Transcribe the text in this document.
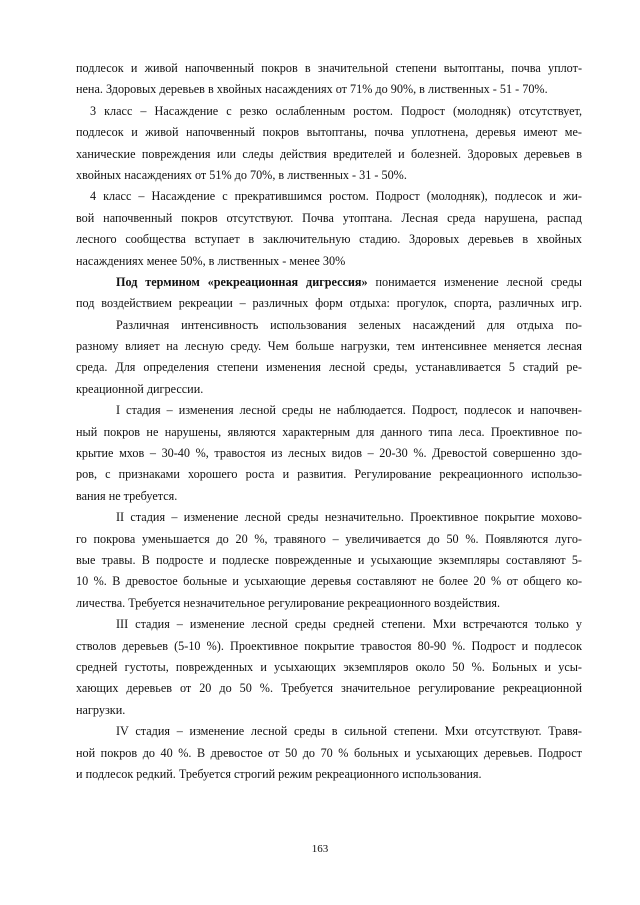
подлесок и живой напочвенный покров в значительной степени вытоптаны, почва уплот-
нена. Здоровых деревьев в хвойных насаждениях от 71% до 90%, в лиственных - 51 - 70%.
3 класс – Насаждение с резко ослабленным ростом. Подрост (молодняк) отсутствует,
подлесок и живой напочвенный покров вытоптаны, почва уплотнена, деревья имеют ме-
ханические повреждения или следы действия вредителей и болезней. Здоровых деревьев в
хвойных насаждениях от 51% до 70%, в лиственных - 31 - 50%.
4 класс – Насаждение с прекратившимся ростом. Подрост (молодняк), подлесок и жи-
вой напочвенный покров отсутствуют. Почва утоптана. Лесная среда нарушена, распад
лесного сообщества вступает в заключительную стадию. Здоровых деревьев в хвойных
насаждениях менее 50%, в лиственных - менее 30%
Под термином «рекреационная дигрессия» понимается изменение лесной среды
под воздействием рекреации – различных форм отдыха: прогулок, спорта, различных игр.
Различная интенсивность использования зеленых насаждений для отдыха по-
разному влияет на лесную среду. Чем больше нагрузки, тем интенсивнее меняется лесная
среда. Для определения степени изменения лесной среды, устанавливается 5 стадий ре-
креационной дигрессии.
I стадия – изменения лесной среды не наблюдается. Подрост, подлесок и напочвен-
ный покров не нарушены, являются характерным для данного типа леса. Проективное по-
крытие мхов – 30-40 %, травостоя из лесных видов – 20-30 %. Древостой совершенно здо-
ров, с признаками хорошего роста и развития. Регулирование рекреационного использо-
вания не требуется.
II стадия – изменение лесной среды незначительно. Проективное покрытие мохово-
го покрова уменьшается до 20 %, травяного – увеличивается до 50 %. Появляются луго-
вые травы. В подросте и подлеске поврежденные и усыхающие экземпляры составляют 5-
10 %. В древостое больные и усыхающие деревья составляют не более 20 % от общего ко-
личества. Требуется незначительное регулирование рекреационного воздействия.
III стадия – изменение лесной среды средней степени. Мхи встречаются только у
стволов деревьев (5-10 %). Проективное покрытие травостоя 80-90 %. Подрост и подлесок
средней густоты, поврежденных и усыхающих экземпляров около 50 %. Больных и усы-
хающих деревьев от 20 до 50 %. Требуется значительное регулирование рекреационной
нагрузки.
IV стадия – изменение лесной среды в сильной степени. Мхи отсутствуют. Травя-
ной покров до 40 %. В древостое от 50 до 70 % больных и усыхающих деревьев. Подрост
и подлесок редкий. Требуется строгий режим рекреационного использования.
163
